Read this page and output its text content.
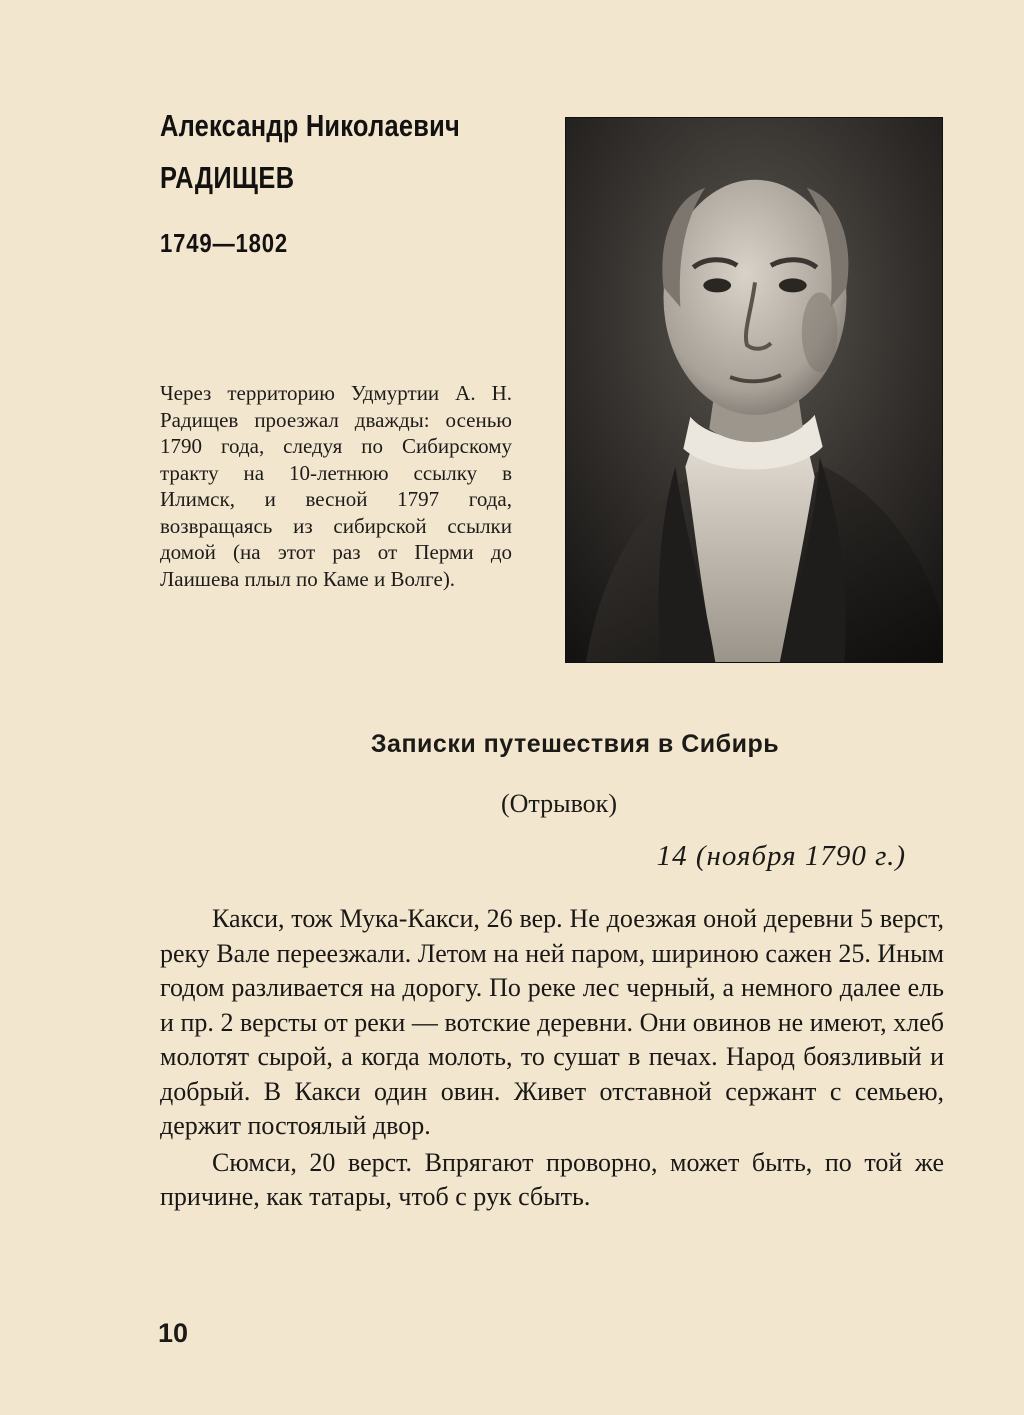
Александр Николаевич
РАДИЩЕВ
1749—1802
Через территорию Удмуртии А. Н. Радищев проезжал дважды: осенью 1790 года, следуя по Сибирскому тракту на 10-летнюю ссылку в Илимск, и весной 1797 года, возвращаясь из сибирской ссылки домой (на этот раз от Перми до Лаишева плыл по Каме и Волге).
Записки путешествия в Сибирь
(Отрывок)
14 (ноября 1790 г.)

Какси, тож Мука-Какси, 26 вер. Не доезжая оной деревни 5 верст, реку Вале переезжали. Летом на ней паром, шириною сажен 25. Иным годом разливается на дорогу. По реке лес черный, а немного далее ель и пр. 2 версты от реки — вотские деревни. Они овинов не имеют, хлеб молотят сырой, а когда молоть, то сушат в печах. Народ боязливый и добрый. В Какси один овин. Живет отставной сержант с семьею, держит постоялый двор.

Сюмси, 20 верст. Впрягают проворно, может быть, по той же причине, как татары, чтоб с рук сбыть.

10
